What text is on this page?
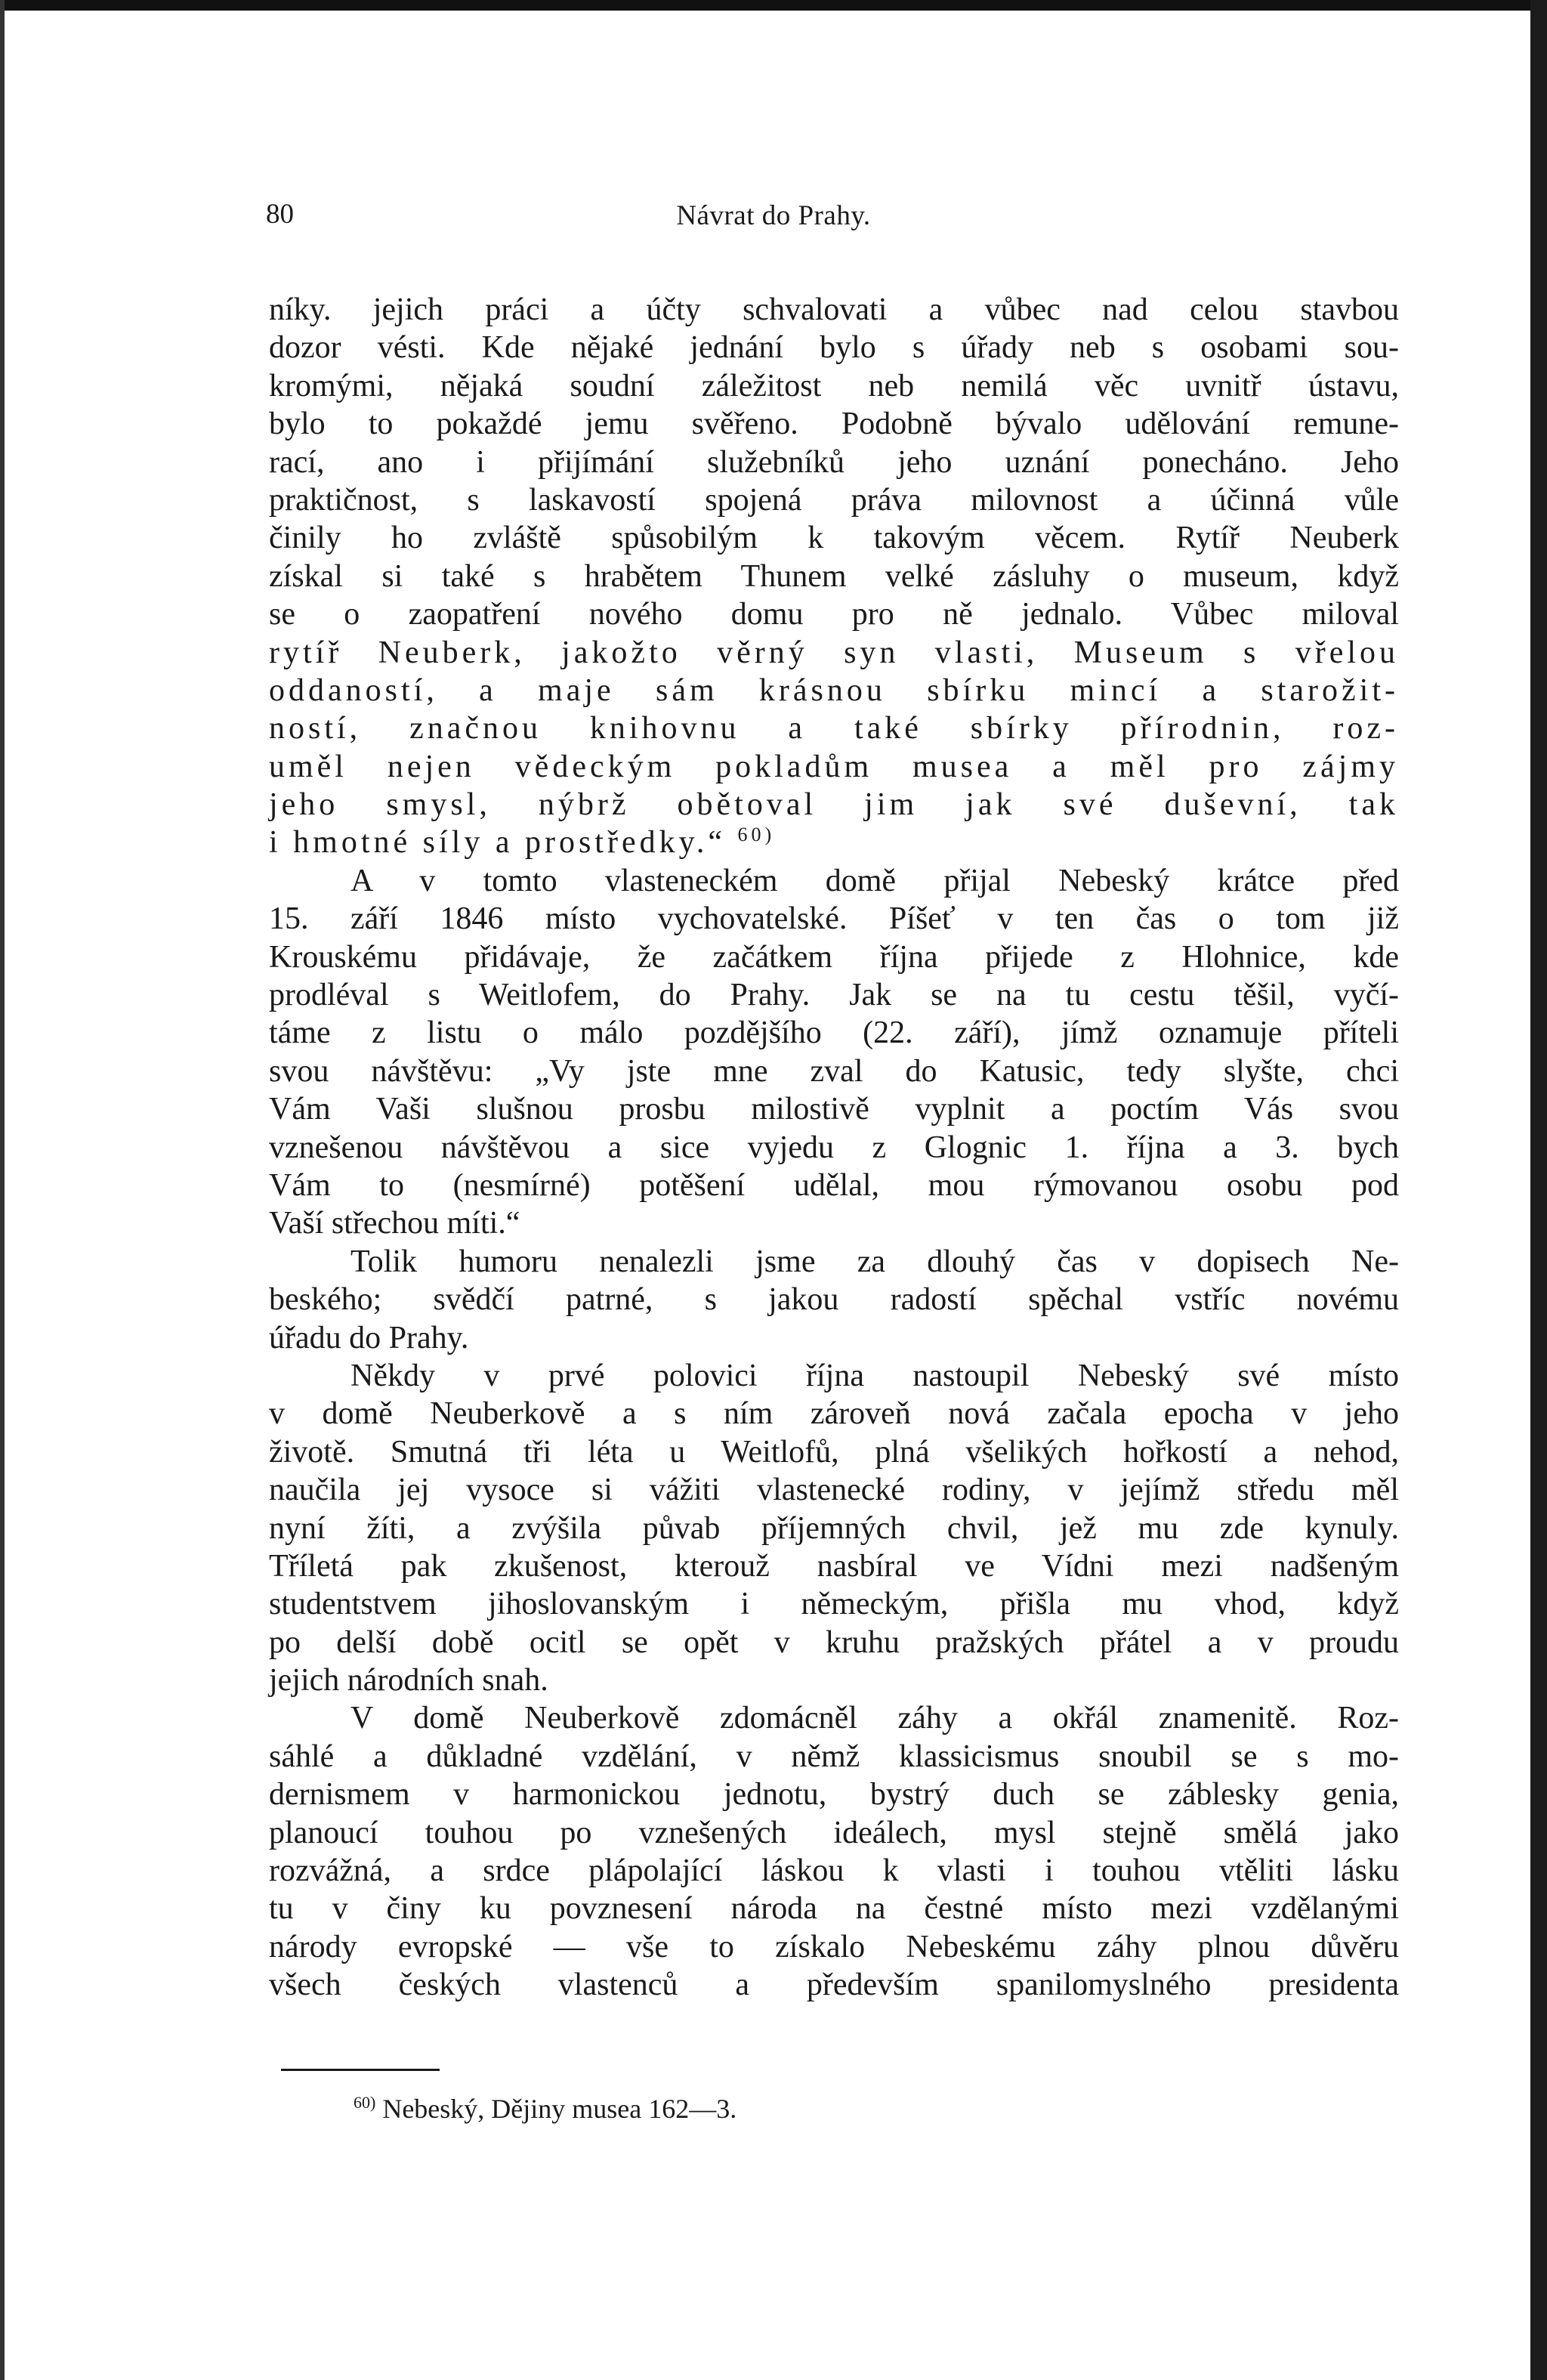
80	Návrat do Prahy.
níky. jejich práci a účty schvalovati a vůbec nad celou stavbou
dozor vésti. Kde nějaké jednání bylo s úřady neb s osobami sou-
kromými, nějaká soudní záležitost neb nemilá věc uvnitř ústavu,
bylo to pokaždé jemu svěřeno. Podobně bývalo udělování remune-
rací, ano i přijímání služebníků jeho uznání ponecháno. Jeho
praktičnost, s laskavostí spojená práva milovnost a účinná vůle
činily ho zvláště spůsobilým k takovým věcem. Rytíř Neuberk
získal si také s hrabětem Thunem velké zásluhy o museum, když
se o zaopatření nového domu pro ně jednalo. Vůbec miloval
rytíř Neuberk, jakožto věrný syn vlasti, Museum s vřelou
oddaností, a maje sám krásnou sbírku mincí a starožit-
ností, značnou knihovnu a také sbírky přírodnin, roz-
uměl nejen vědeckým pokladům musea a měl pro zájmy
jeho smysl, nýbrž obětoval jim jak své duševní, tak
i hmotné síly a prostředky.“ $^{60)}$
A v tomto vlasteneckém domě přijal Nebeský krátce před
15. září 1846 místo vychovatelské. Píšeť v ten čas o tom již
Krouskému přidávaje, že začátkem října přijede z Hlohnice, kde
prodléval s Weitlofem, do Prahy. Jak se na tu cestu těšil, vyčí-
táme z listu o málo pozdějšího (22. září), jímž oznamuje příteli
svou návštěvu: „Vy jste mne zval do Katusic, tedy slyšte, chci
Vám Vaši slušnou prosbu milostivě vyplnit a poctím Vás svou
vznešenou návštěvou a sice vyjedu z Glognic 1. října a 3. bych
Vám to (nesmírné) potěšení udělal, mou rýmovanou osobu pod
Vaší střechou míti.“
Tolik humoru nenalezli jsme za dlouhý čas v dopisech Ne-
beského; svědčí patrné, s jakou radostí spěchal vstříc novému
úřadu do Prahy.
Někdy v prvé polovici října nastoupil Nebeský své místo
v domě Neuberkově a s ním zároveň nová začala epocha v jeho
životě. Smutná tři léta u Weitlofů, plná všelikých hořkostí a nehod,
naučila jej vysoce si vážiti vlastenecké rodiny, v jejímž středu měl
nyní žíti, a zvýšila půvab příjemných chvil, jež mu zde kynuly.
Tříletá pak zkušenost, kterouž nasbíral ve Vídni mezi nadšeným
studentstvem jihoslovanským i německým, přišla mu vhod, když
po delší době ocitl se opět v kruhu pražských přátel a v proudu
jejich národních snah.
V domě Neuberkově zdomácněl záhy a okřál znamenitě. Roz-
sáhlé a důkladné vzdělání, v němž klassicismus snoubil se s mo-
dernismem v harmonickou jednotu, bystrý duch se záblesky genia,
planoucí touhou po vznešených ideálech, mysl stejně smělá jako
rozvážná, a srdce plápolající láskou k vlasti i touhou vtěliti lásku
tu v činy ku povznesení národa na čestné místo mezi vzdělanými
národy evropské — vše to získalo Nebeskému záhy plnou důvěru
všech českých vlastenců a především spanilomyslného presidenta
$^{60)}$ Nebeský, Dějiny musea 162—3.
